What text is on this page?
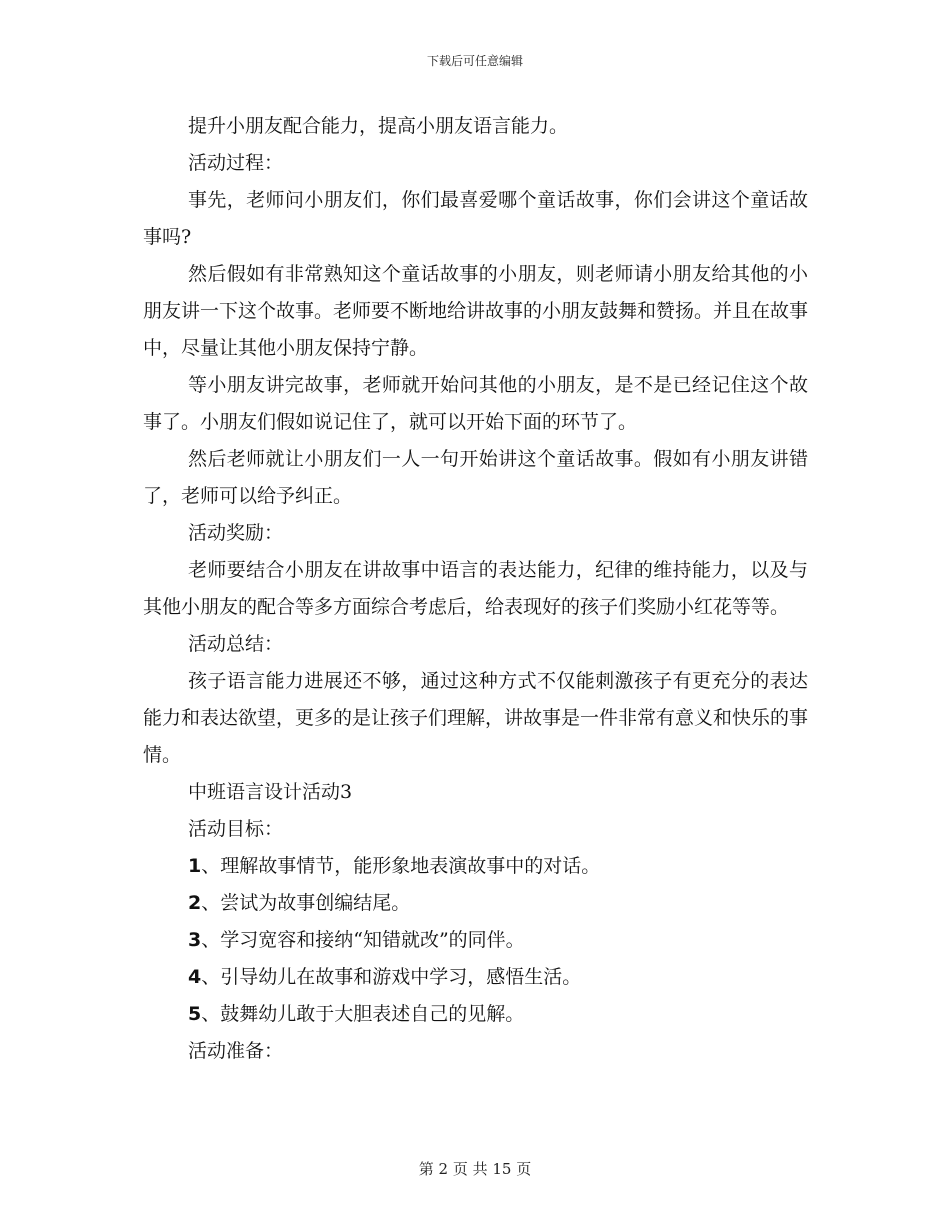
下载后可任意编辑

提升小朋友配合能力，提高小朋友语言能力。

活动过程：

事先，老师问小朋友们，你们最喜爱哪个童话故事，你们会讲这个童话故事吗?

然后假如有非常熟知这个童话故事的小朋友，则老师请小朋友给其他的小朋友讲一下这个故事。老师要不断地给讲故事的小朋友鼓舞和赞扬。并且在故事中，尽量让其他小朋友保持宁静。

等小朋友讲完故事，老师就开始问其他的小朋友，是不是已经记住这个故事了。小朋友们假如说记住了，就可以开始下面的环节了。

然后老师就让小朋友们一人一句开始讲这个童话故事。假如有小朋友讲错了，老师可以给予纠正。

活动奖励：

老师要结合小朋友在讲故事中语言的表达能力，纪律的维持能力，以及与其他小朋友的配合等多方面综合考虑后，给表现好的孩子们奖励小红花等等。

活动总结：

孩子语言能力进展还不够，通过这种方式不仅能刺激孩子有更充分的表达能力和表达欲望，更多的是让孩子们理解，讲故事是一件非常有意义和快乐的事情。

中班语言设计活动3

活动目标：

1、理解故事情节，能形象地表演故事中的对话。

2、尝试为故事创编结尾。

3、学习宽容和接纳“知错就改”的同伴。

4、引导幼儿在故事和游戏中学习，感悟生活。

5、鼓舞幼儿敢于大胆表述自己的见解。

活动准备：

第 2 页 共 15 页
